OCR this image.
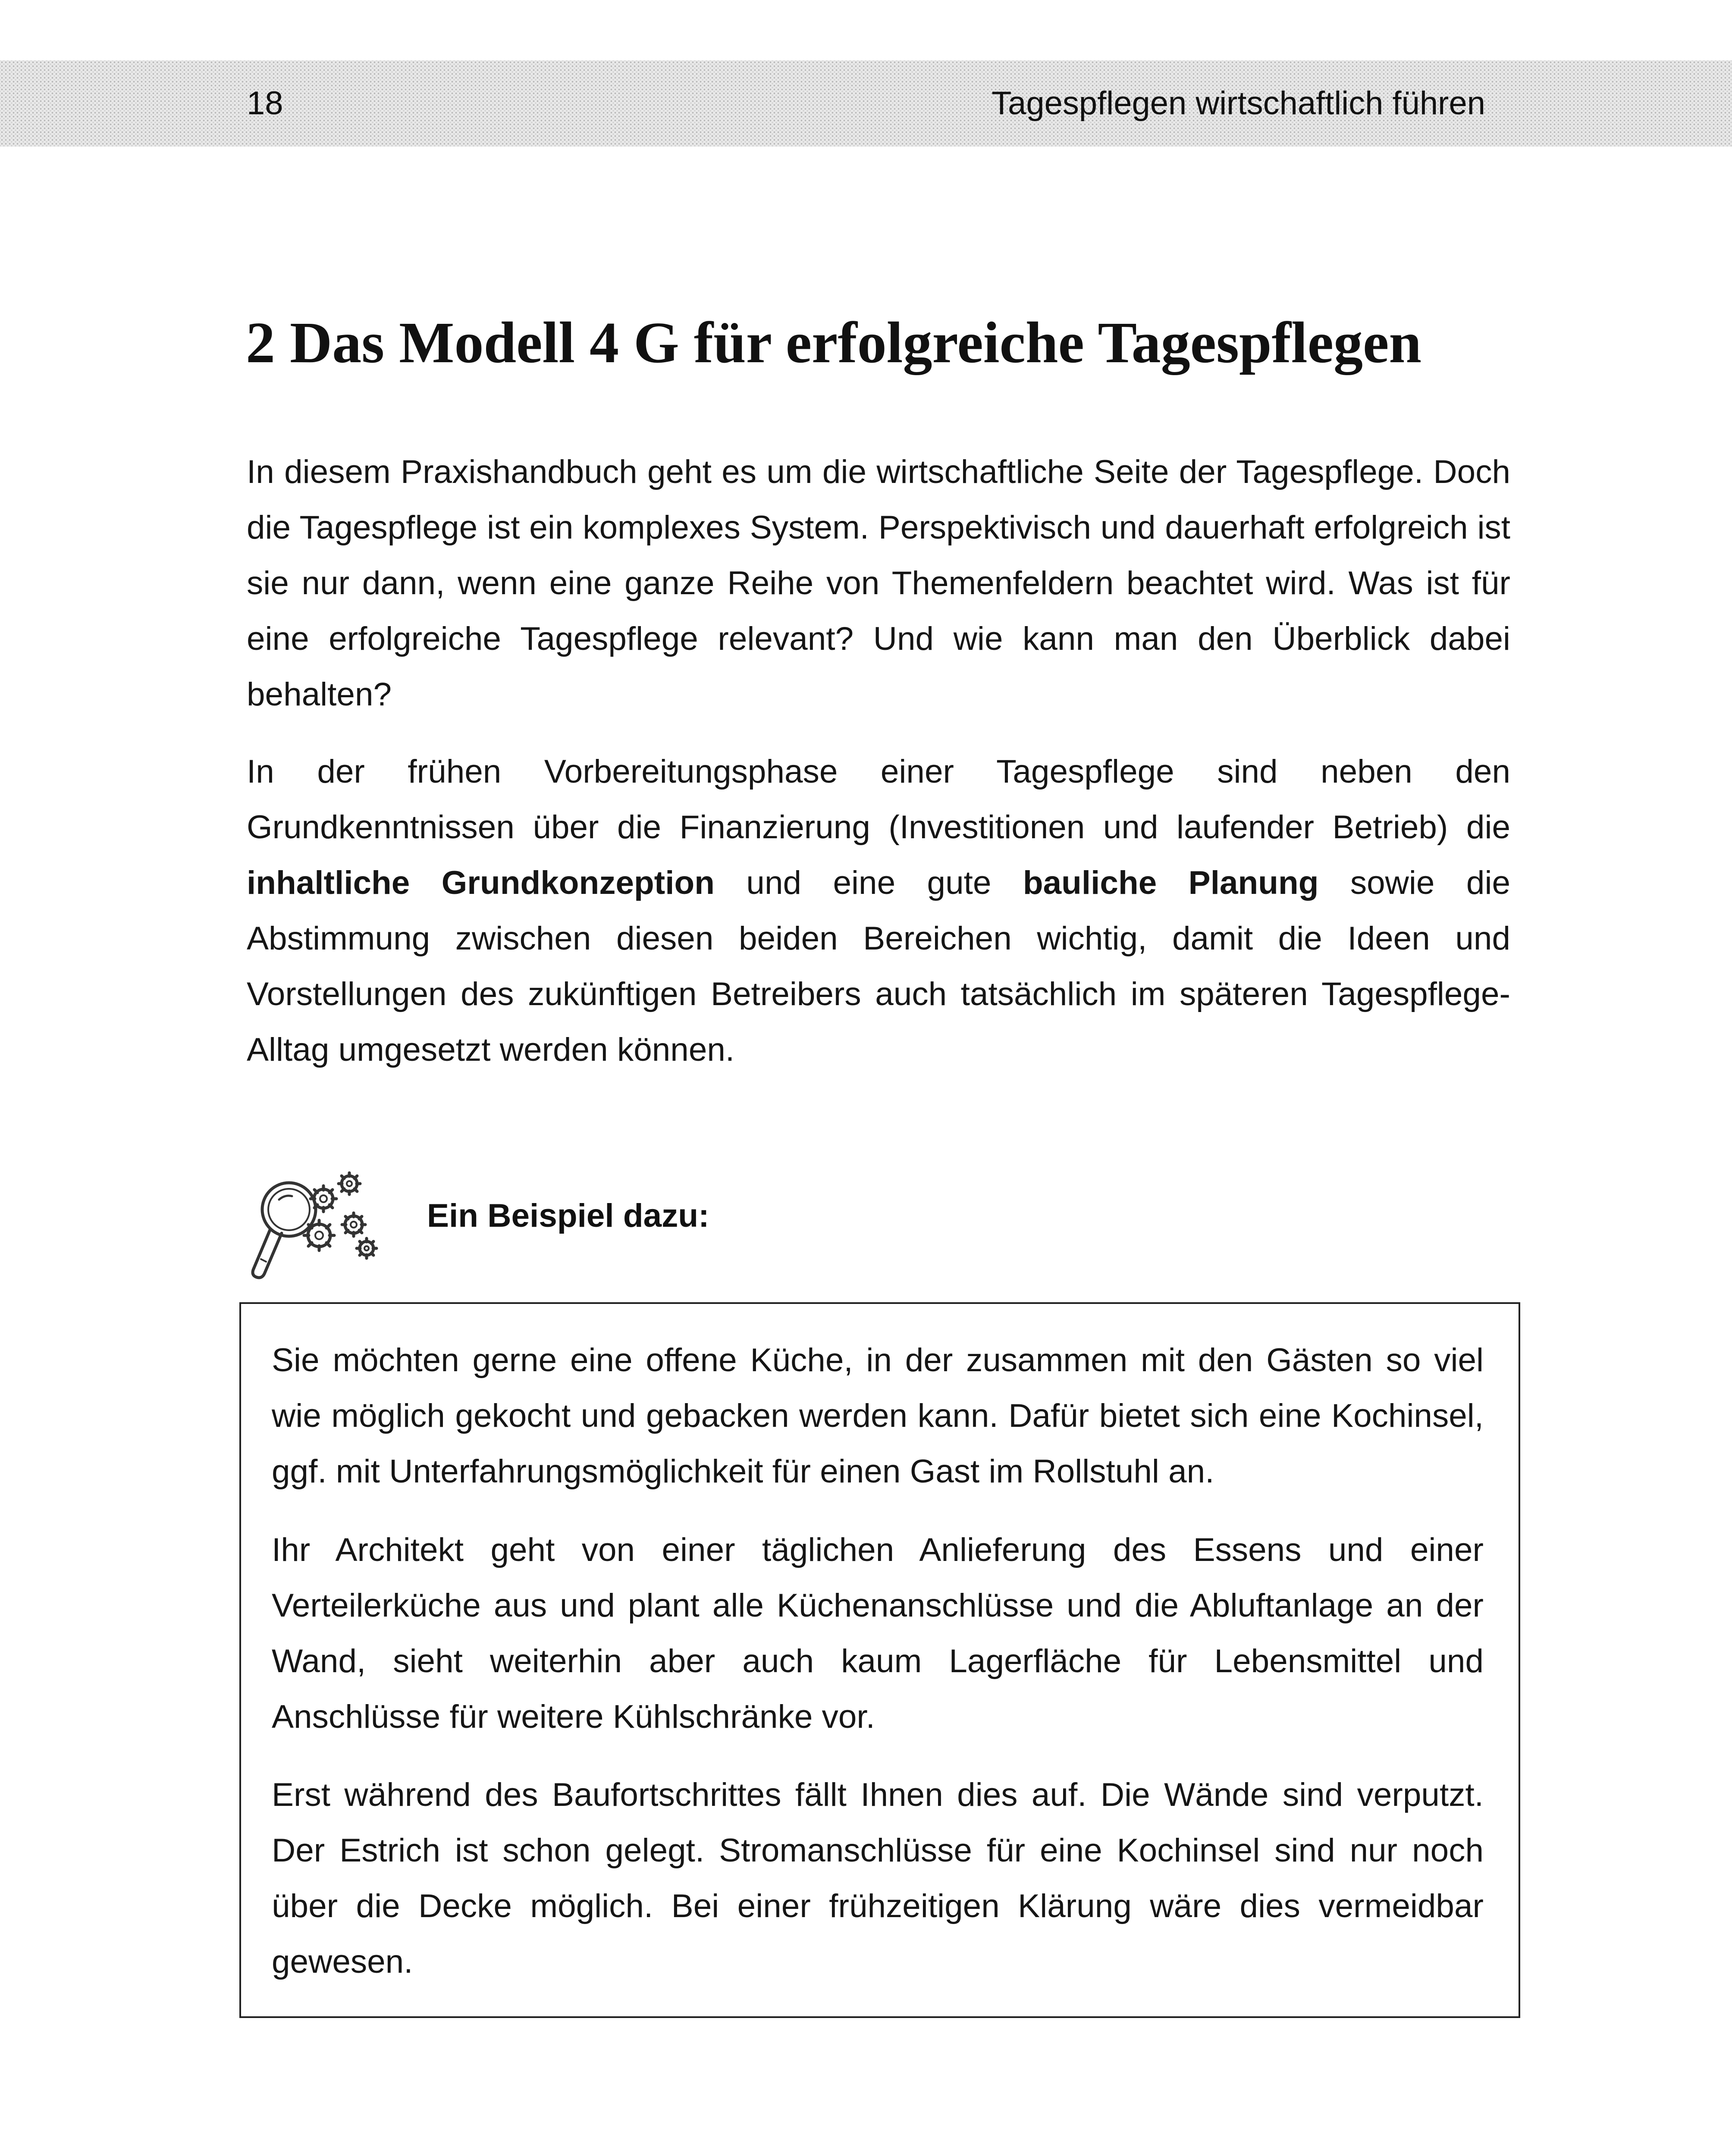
18	Tagespflegen wirtschaftlich führen
2 Das Modell 4 G für erfolgreiche Tagespflegen

In diesem Praxishandbuch geht es um die wirtschaftliche Seite der Tagespflege. Doch die Tagespflege ist ein komplexes System. Perspektivisch und dauerhaft erfolgreich ist sie nur dann, wenn eine ganze Reihe von Themenfeldern beachtet wird. Was ist für eine erfolgreiche Tagespflege relevant? Und wie kann man den Überblick dabei behalten?

In der frühen Vorbereitungsphase einer Tagespflege sind neben den Grundkenntnissen über die Finanzierung (Investitionen und laufender Betrieb) die inhaltliche Grundkonzeption und eine gute bauliche Planung sowie die Abstimmung zwischen diesen beiden Bereichen wichtig, damit die Ideen und Vorstellungen des zukünftigen Betreibers auch tatsächlich im späteren Tagespflege-Alltag umgesetzt werden können.

Ein Beispiel dazu:

Sie möchten gerne eine offene Küche, in der zusammen mit den Gästen so viel wie möglich gekocht und gebacken werden kann. Dafür bietet sich eine Kochinsel, ggf. mit Unterfahrungsmöglichkeit für einen Gast im Rollstuhl an.

Ihr Architekt geht von einer täglichen Anlieferung des Essens und einer Verteilerküche aus und plant alle Küchenanschlüsse und die Abluftanlage an der Wand, sieht weiterhin aber auch kaum Lagerfläche für Lebensmittel und Anschlüsse für weitere Kühlschränke vor.

Erst während des Baufortschrittes fällt Ihnen dies auf. Die Wände sind verputzt. Der Estrich ist schon gelegt. Stromanschlüsse für eine Kochinsel sind nur noch über die Decke möglich. Bei einer frühzeitigen Klärung wäre dies vermeidbar gewesen.
